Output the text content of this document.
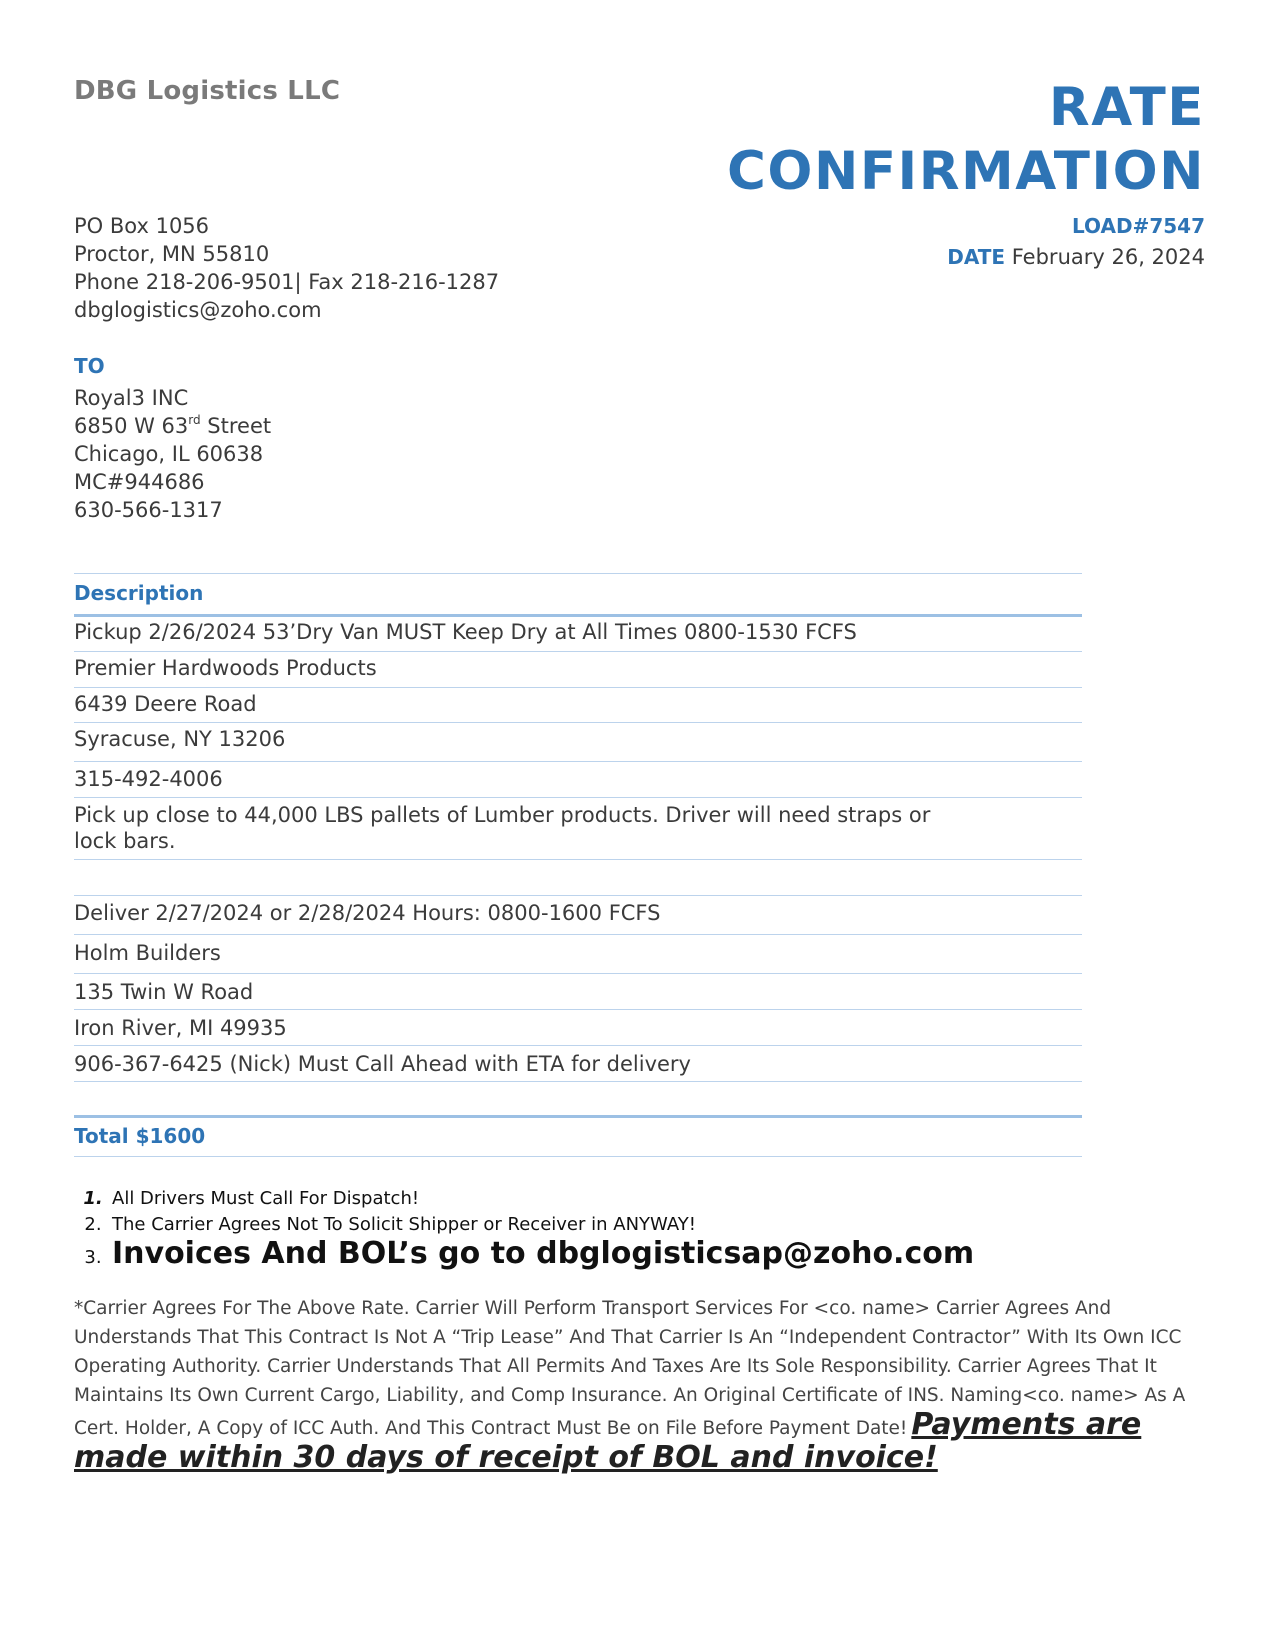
DBG Logistics LLC	RATE
CONFIRMATION
PO Box 1056
Proctor, MN 55810
Phone 218-206-9501| Fax 218-216-1287
dbglogistics@zoho.com
LOAD#7547
DATE February 26, 2024
TO
Royal3 INC
6850 W 63rd Street
Chicago, IL 60638
MC#944686
630-566-1317
Description
Pickup 2/26/2024 53’Dry Van MUST Keep Dry at All Times 0800-1530 FCFS
Premier Hardwoods Products
6439 Deere Road
Syracuse, NY 13206
315-492-4006
Pick up close to 44,000 LBS pallets of Lumber products. Driver will need straps or
lock bars.
Deliver 2/27/2024 or 2/28/2024 Hours: 0800-1600 FCFS
Holm Builders
135 Twin W Road
Iron River, MI 49935
906-367-6425 (Nick) Must Call Ahead with ETA for delivery
Total $1600
1. All Drivers Must Call For Dispatch!
2. The Carrier Agrees Not To Solicit Shipper or Receiver in ANYWAY!
3. Invoices And BOL’s go to dbglogisticsap@zoho.com
*Carrier Agrees For The Above Rate. Carrier Will Perform Transport Services For <co. name> Carrier Agrees And Understands That This Contract Is Not A “Trip Lease” And That Carrier Is An “Independent Contractor” With Its Own ICC Operating Authority. Carrier Understands That All Permits And Taxes Are Its Sole Responsibility. Carrier Agrees That It Maintains Its Own Current Cargo, Liability, and Comp Insurance. An Original Certificate of INS. Naming<co. name> As A Cert. Holder, A Copy of ICC Auth. And This Contract Must Be on File Before Payment Date! Payments are made within 30 days of receipt of BOL and invoice!
